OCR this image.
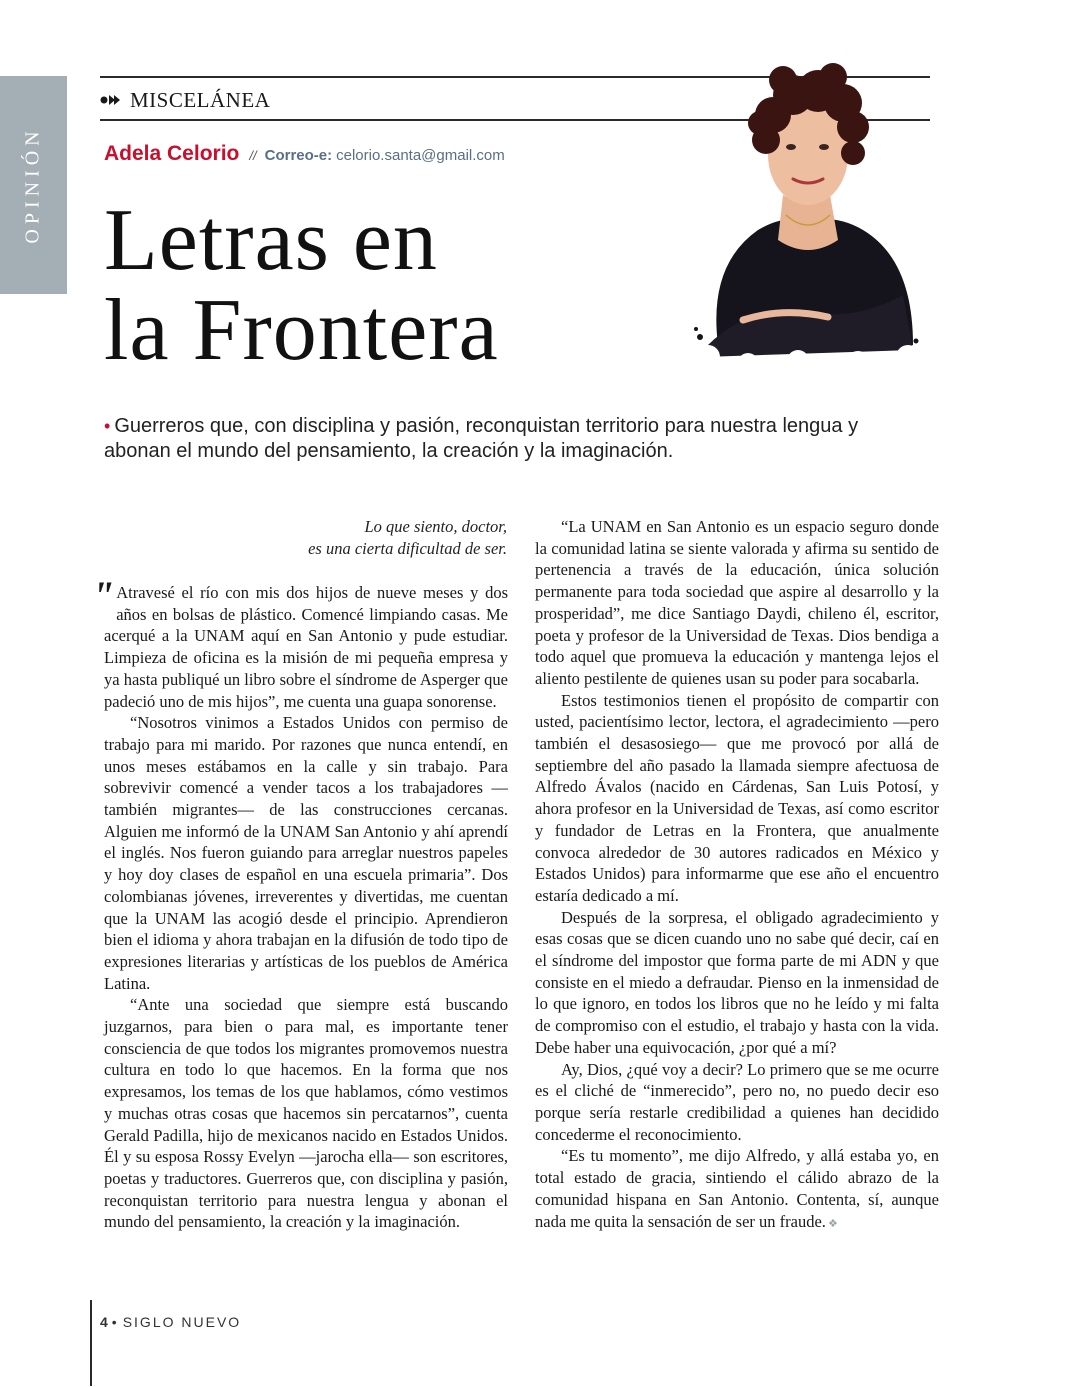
OPINIÓN
MISCELÁNEA
Adela Celorio // Correo-e: celorio.santa@gmail.com
Letras en
la Frontera

• Guerreros que, con disciplina y pasión, reconquistan territorio para nuestra lengua y abonan el mundo del pensamiento, la creación y la imaginación.

Lo que siento, doctor,
es una cierta dificultad de ser.

" Atravesé el río con mis dos hijos de nueve meses y dos años en bolsas de plástico. Comencé limpiando casas. Me acerqué a la UNAM aquí en San Antonio y pude estudiar. Limpieza de oficina es la misión de mi pequeña empresa y ya hasta publiqué un libro sobre el síndrome de Asperger que padeció uno de mis hijos”, me cuenta una guapa sonorense.

“Nosotros vinimos a Estados Unidos con permiso de trabajo para mi marido. Por razones que nunca entendí, en unos meses estábamos en la calle y sin trabajo. Para sobrevivir comencé a vender tacos a los trabajadores —también migrantes— de las construcciones cercanas. Alguien me informó de la UNAM San Antonio y ahí aprendí el inglés. Nos fueron guiando para arreglar nuestros papeles y hoy doy clases de español en una escuela primaria”. Dos colombianas jóvenes, irreverentes y divertidas, me cuentan que la UNAM las acogió desde el principio. Aprendieron bien el idioma y ahora trabajan en la difusión de todo tipo de expresiones literarias y artísticas de los pueblos de América Latina.

“Ante una sociedad que siempre está buscando juzgarnos, para bien o para mal, es importante tener consciencia de que todos los migrantes promovemos nuestra cultura en todo lo que hacemos. En la forma que nos expresamos, los temas de los que hablamos, cómo vestimos y muchas otras cosas que hacemos sin percatarnos”, cuenta Gerald Padilla, hijo de mexicanos nacido en Estados Unidos. Él y su esposa Rossy Evelyn —jarocha ella— son escritores, poetas y traductores. Guerreros que, con disciplina y pasión, reconquistan territorio para nuestra lengua y abonan el mundo del pensamiento, la creación y la imaginación.

“La UNAM en San Antonio es un espacio seguro donde la comunidad latina se siente valorada y afirma su sentido de pertenencia a través de la educación, única solución permanente para toda sociedad que aspire al desarrollo y la prosperidad”, me dice Santiago Daydi, chileno él, escritor, poeta y profesor de la Universidad de Texas. Dios bendiga a todo aquel que promueva la educación y mantenga lejos el aliento pestilente de quienes usan su poder para socabarla.

Estos testimonios tienen el propósito de compartir con usted, pacientísimo lector, lectora, el agradecimiento —pero también el desasosiego— que me provocó por allá de septiembre del año pasado la llamada siempre afectuosa de Alfredo Ávalos (nacido en Cárdenas, San Luis Potosí, y ahora profesor en la Universidad de Texas, así como escritor y fundador de Letras en la Frontera, que anualmente convoca alrededor de 30 autores radicados en México y Estados Unidos) para informarme que ese año el encuentro estaría dedicado a mí.

Después de la sorpresa, el obligado agradecimiento y esas cosas que se dicen cuando uno no sabe qué decir, caí en el síndrome del impostor que forma parte de mi ADN y que consiste en el miedo a defraudar. Pienso en la inmensidad de lo que ignoro, en todos los libros que no he leído y mi falta de compromiso con el estudio, el trabajo y hasta con la vida. Debe haber una equivocación, ¿por qué a mí?

Ay, Dios, ¿qué voy a decir? Lo primero que se me ocurre es el cliché de “inmerecido”, pero no, no puedo decir eso porque sería restarle credibilidad a quienes han decidido concederme el reconocimiento.

“Es tu momento”, me dijo Alfredo, y allá estaba yo, en total estado de gracia, sintiendo el cálido abrazo de la comunidad hispana en San Antonio. Contenta, sí, aunque nada me quita la sensación de ser un fraude. ❖

4 • SIGLO NUEVO
